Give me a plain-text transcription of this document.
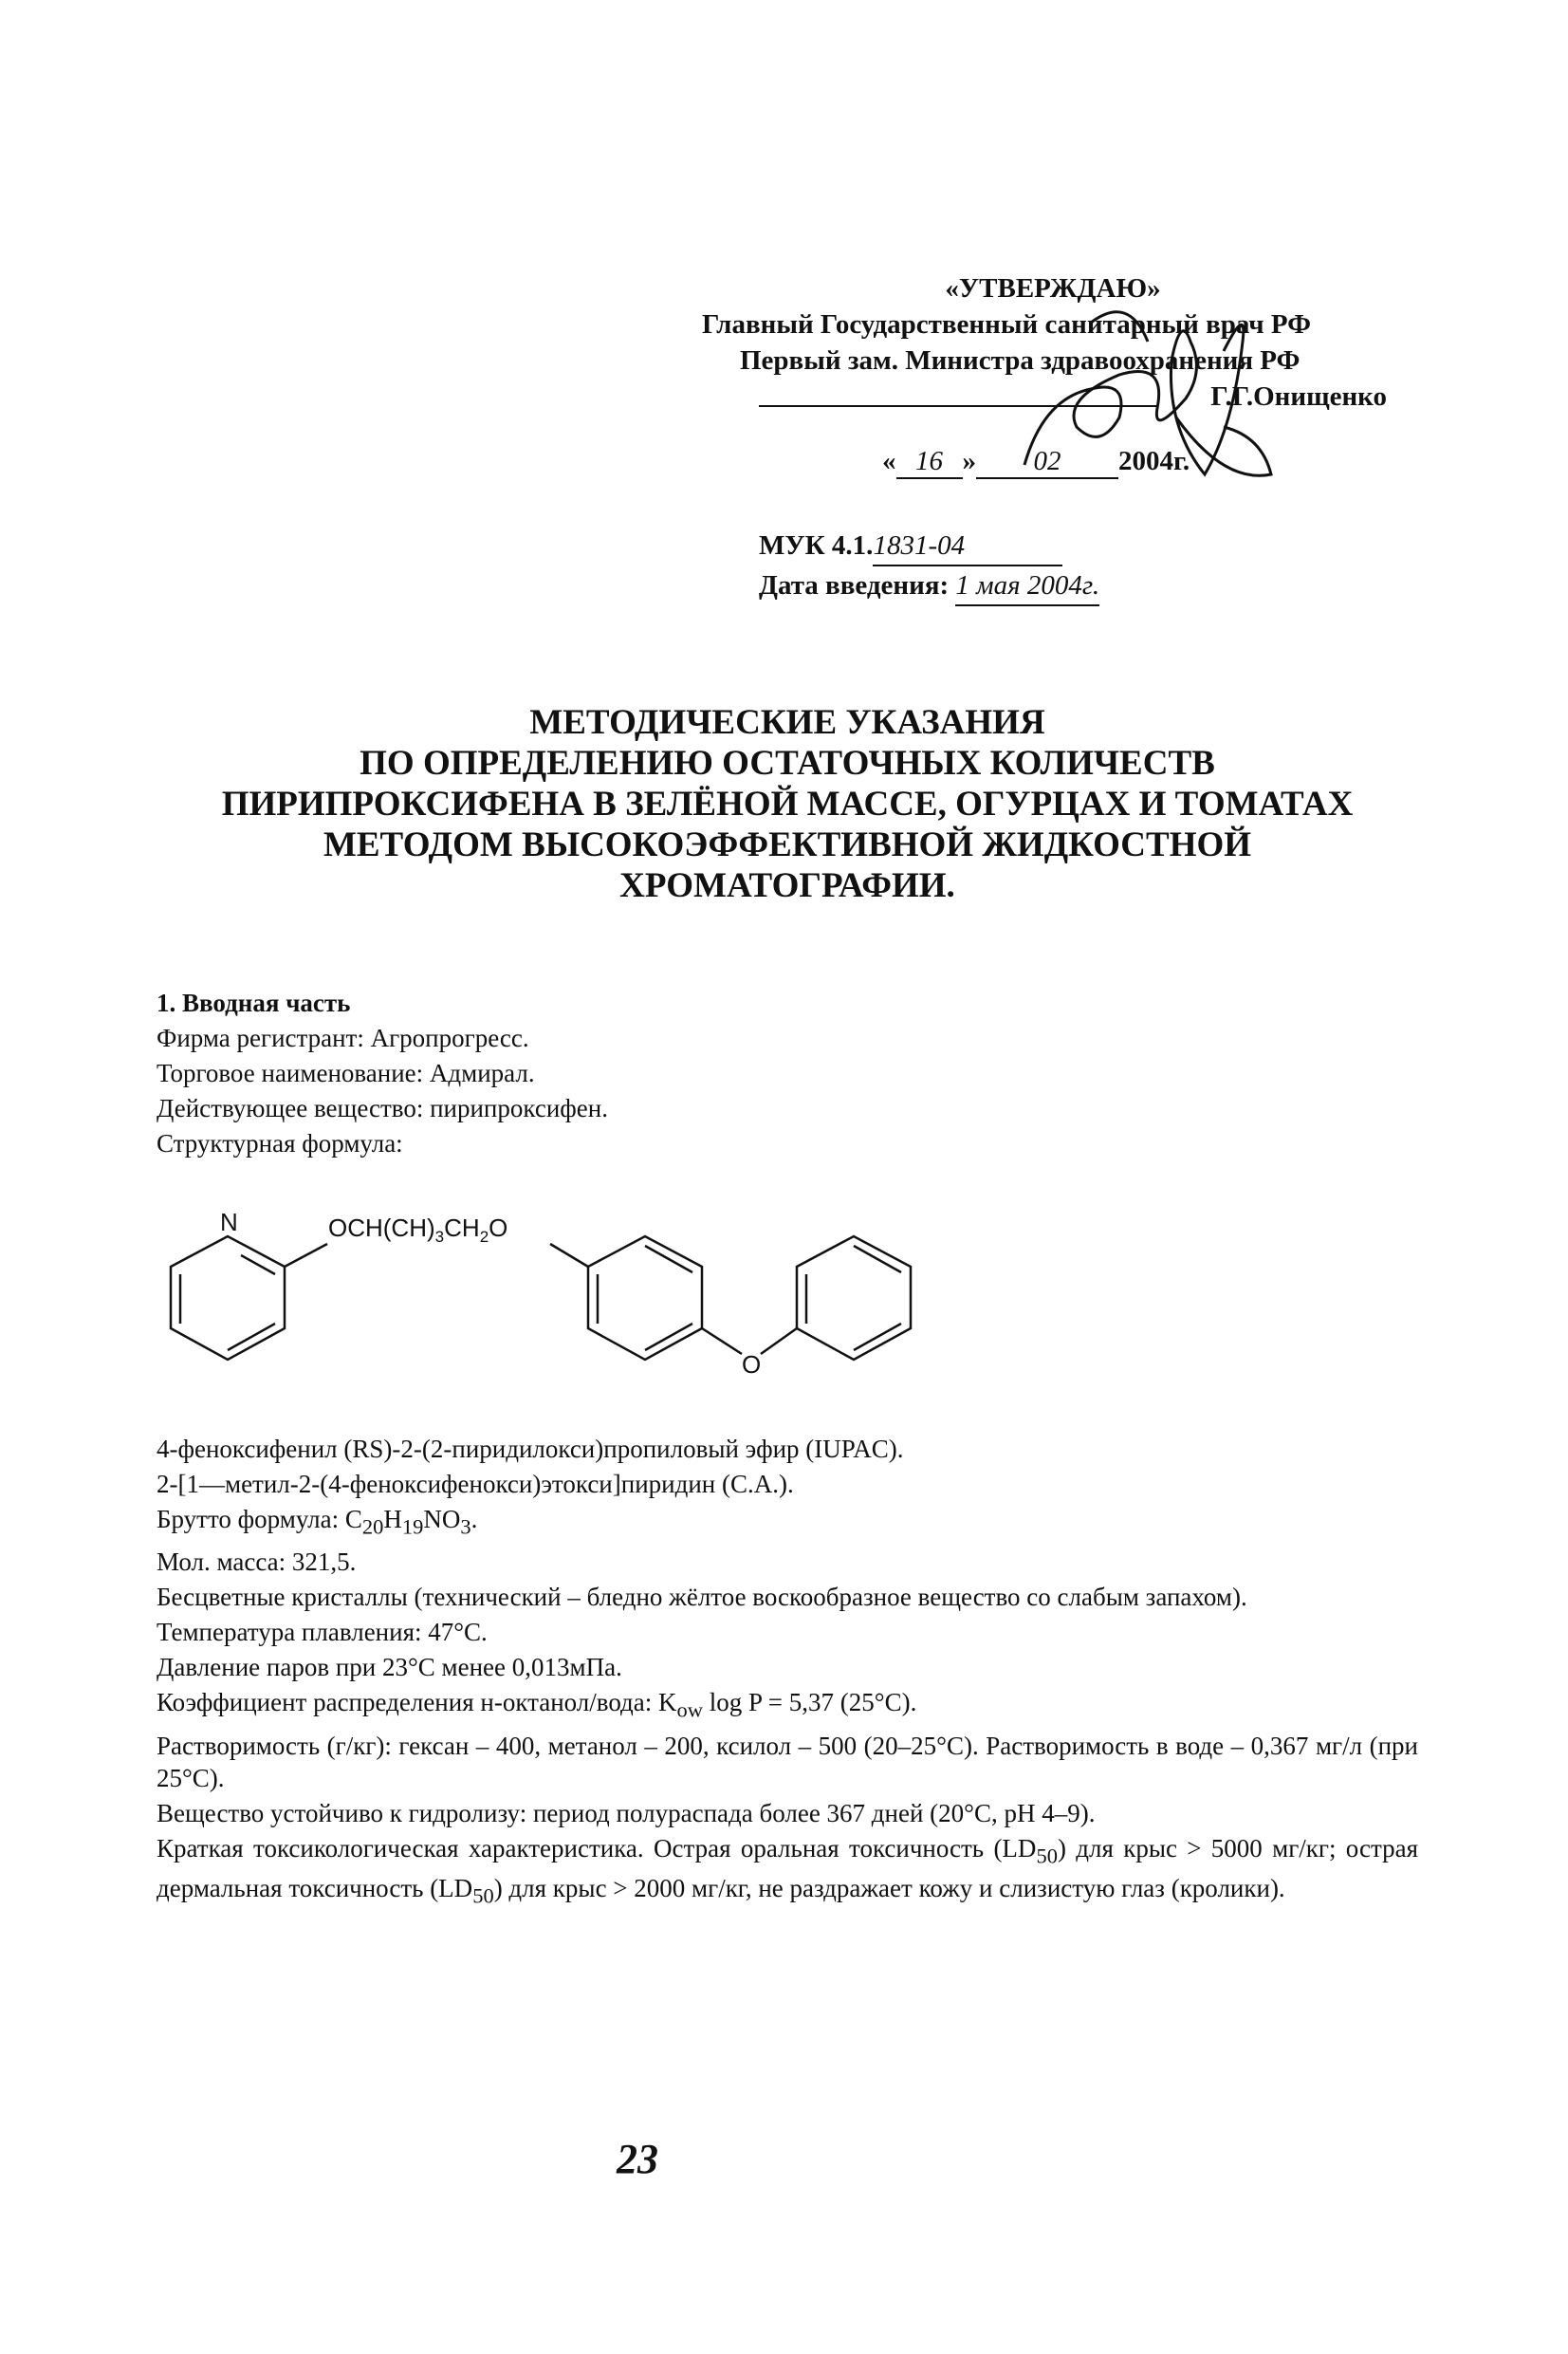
«УТВЕРЖДАЮ»
Главный Государственный санитарный врач РФ
Первый зам. Министра здравоохранения РФ
Г.Г.Онищенко
« 16 » 02 2004г.
МУК 4.1.1831-04
Дата введения: 1 мая 2004г.
МЕТОДИЧЕСКИЕ УКАЗАНИЯ
ПО ОПРЕДЕЛЕНИЮ ОСТАТОЧНЫХ КОЛИЧЕСТВ
ПИРИПРОКСИФЕНА В ЗЕЛЁНОЙ МАССЕ, ОГУРЦАХ И ТОМАТАХ
МЕТОДОМ ВЫСОКОЭФФЕКТИВНОЙ ЖИДКОСТНОЙ
ХРОМАТОГРАФИИ.

1. Вводная часть

Фирма регистрант: Агропрогресс.

Торговое наименование: Адмирал.

Действующее вещество: пирипроксифен.

Структурная формула:

N	$OCH(CH)_3CH_2O$
O

4-феноксифенил (RS)-2-(2-пиридилокси)пропиловый эфир (IUPAC).

2-[1—метил-2-(4-феноксифенокси)этокси]пиридин (С.А.).

Брутто формула: $C_{20}H_{19}NO_3$.

Мол. масса: 321,5.

Бесцветные кристаллы (технический – бледно жёлтое воскообразное вещество со слабым запахом).

Температура плавления: 47°С.

Давление паров при 23°С менее 0,013мПа.

Коэффициент распределения н-октанол/вода: $K_{ow}$ log P = 5,37 (25°С).

Растворимость (г/кг): гексан – 400, метанол – 200, ксилол – 500 (20–25°С). Растворимость в воде – 0,367 мг/л (при 25°С).

Вещество устойчиво к гидролизу: период полураспада более 367 дней (20°С, pH 4–9).

Краткая токсикологическая характеристика. Острая оральная токсичность $(LD_{50})$ для крыс > 5000 мг/кг; острая дермальная токсичность $(LD_{50})$ для крыс > 2000 мг/кг, не раздражает кожу и слизистую глаз (кролики).

23
